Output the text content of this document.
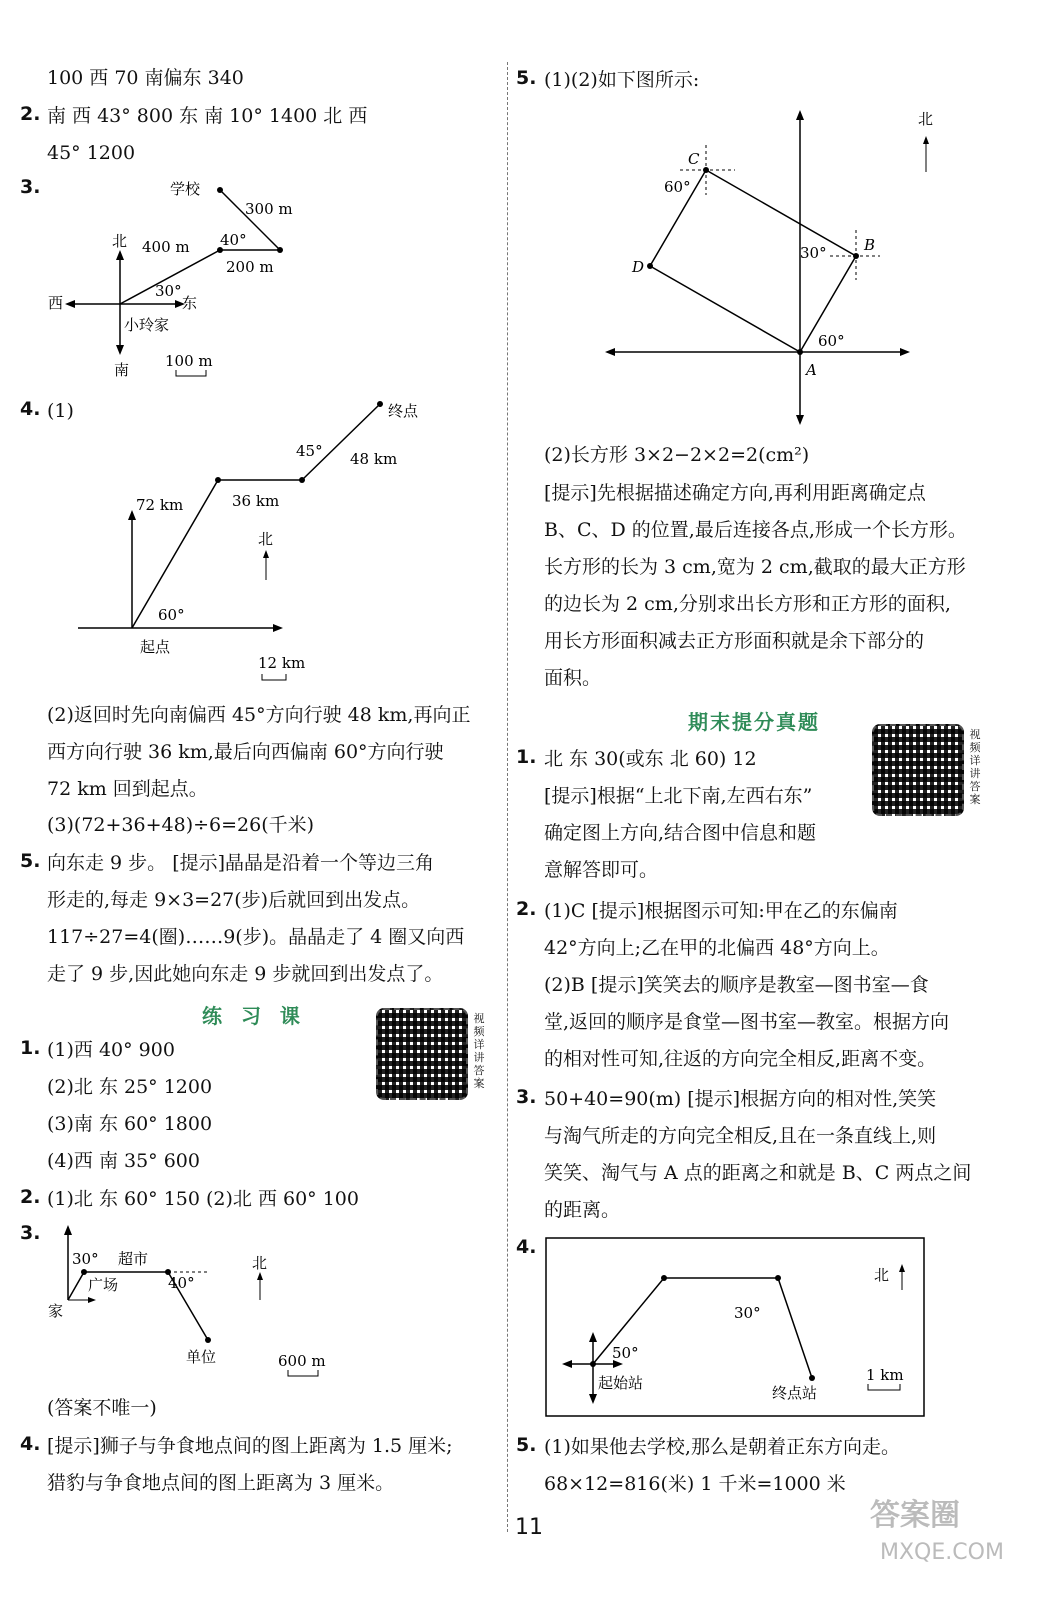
100 西 70 南偏东 340
2. 南 西 43° 800 东 南 10° 1400 北 西
45° 1200
3.	学校
300 m
400 m 40°
200 m
北
西	东
30°
小玲家
南 100 m
4. (1)	终点
45° 48 km
36 km
72 km
北
60°
起点
12 km
(2)返回时先向南偏西 45°方向行驶 48 km,再向正
西方向行驶 36 km,最后向西偏南 60°方向行驶
72 km 回到起点。
(3)(72+36+48)÷6=26(千米)
5. 向东走 9 步。 [提示]晶晶是沿着一个等边三角
形走的,每走 9×3=27(步)后就回到出发点。
117÷27=4(圈)……9(步)。晶晶走了 4 圈又向西
走了 9 步,因此她向东走 9 步就回到出发点了。
练 习 课	视频详讲答案
1. (1)西 40° 900
(2)北 东 25° 1200
(3)南 东 60° 1800
(4)西 南 35° 600
2. (1)北 东 60° 150 (2)北 西 60° 100
3.
30° 超市
广场	40°
家
单位
北
600 m
(答案不唯一)
4. [提示]狮子与争食地点间的图上距离为 1.5 厘米;
猎豹与争食地点间的图上距离为 3 厘米。
5. (1)(2)如下图所示:
C
60°
B
30°
D
60°
A
北
(2)长方形 3×2−2×2=2(cm²)
[提示]先根据描述确定方向,再利用距离确定点
B、C、D 的位置,最后连接各点,形成一个长方形。
长方形的长为 3 cm,宽为 2 cm,截取的最大正方形
的边长为 2 cm,分别求出长方形和正方形的面积,
用长方形面积减去正方形面积就是余下部分的
面积。
期末提分真题
视频详讲答案
1. 北 东 30(或东 北 60) 12
[提示]根据“上北下南,左西右东”
确定图上方向,结合图中信息和题
意解答即可。
2. (1)C [提示]根据图示可知:甲在乙的东偏南
42°方向上;乙在甲的北偏西 48°方向上。
(2)B [提示]笑笑去的顺序是教室—图书室—食
堂,返回的顺序是食堂—图书室—教室。根据方向
的相对性可知,往返的方向完全相反,距离不变。
3. 50+40=90(m) [提示]根据方向的相对性,笑笑
与淘气所走的方向完全相反,且在一条直线上,则
笑笑、淘气与 A 点的距离之和就是 B、C 两点之间
的距离。
4.
50°
起始站
30°
终点站
北
1 km
5. (1)如果他去学校,那么是朝着正东方向走。
68×12=816(米) 1 千米=1000 米
11	答案圈
MXQE.COM
